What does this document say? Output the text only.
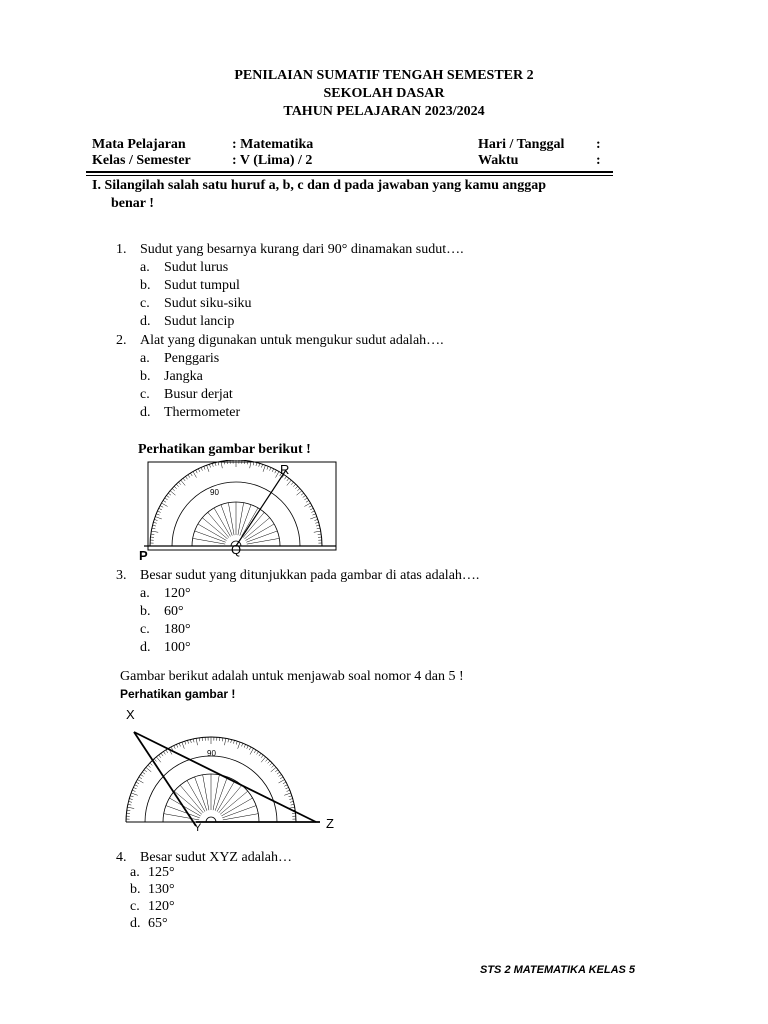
PENILAIAN SUMATIF TENGAH SEMESTER 2
SEKOLAH DASAR
TAHUN PELAJARAN 2023/2024
Mata Pelajaran	: Matematika	Hari / Tanggal :
Kelas / Semester	: V (Lima) / 2	Waktu	:
I. Silangilah salah satu huruf a, b, c dan d pada jawaban yang kamu anggap
benar !
1. Sudut yang besarnya kurang dari 90° dinamakan sudut….
a. Sudut lurus
b. Sudut tumpul
c. Sudut siku-siku
d. Sudut lancip
2. Alat yang digunakan untuk mengukur sudut adalah….
a. Penggaris
b. Jangka
c. Busur derjat
d. Thermometer
Perhatikan gambar berikut !
90
R
Q
P
3. Besar sudut yang ditunjukkan pada gambar di atas adalah….
a. 120°
b. 60°
c. 180°
d. 100°
Gambar berikut adalah untuk menjawab soal nomor 4 dan 5 !
Perhatikan gambar !
90
X
Y	Z
4. Besar sudut XYZ adalah…
a. 125°
b. 130°
c. 120°
d. 65°
STS 2 MATEMATIKA KELAS 5
